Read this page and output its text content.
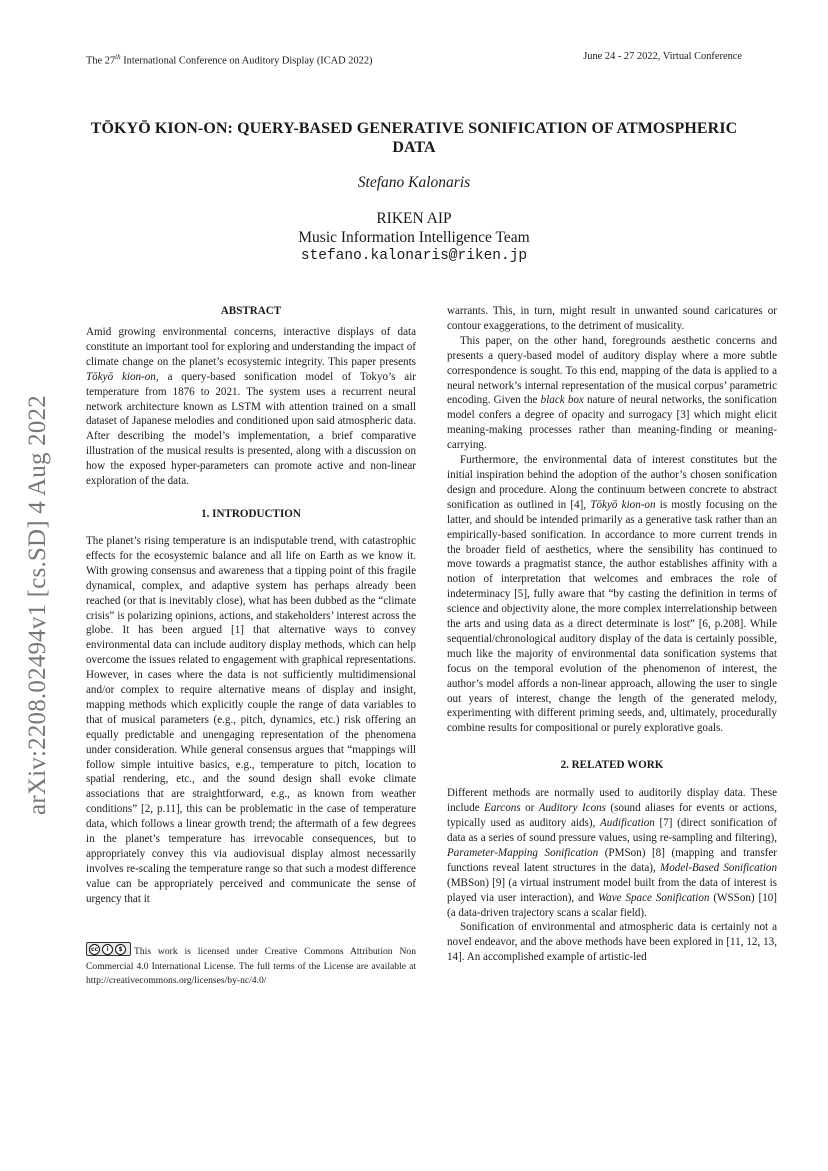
The 27th International Conference on Auditory Display (ICAD 2022)	June 24 - 27 2022, Virtual Conference
arXiv:2208.02494v1 [cs.SD] 4 Aug 2022
TŌKYŌ KION-ON: QUERY-BASED GENERATIVE SONIFICATION OF ATMOSPHERIC DATA
Stefano Kalonaris
RIKEN AIP
Music Information Intelligence Team
stefano.kalonaris@riken.jp
ABSTRACT

Amid growing environmental concerns, interactive displays of data constitute an important tool for exploring and understanding the impact of climate change on the planet’s ecosystemic integrity. This paper presents Tōkyō kion-on, a query-based sonification model of Tokyo’s air temperature from 1876 to 2021. The system uses a recurrent neural network architecture known as LSTM with attention trained on a small dataset of Japanese melodies and conditioned upon said atmospheric data. After describing the model’s implementation, a brief comparative illustration of the musical results is presented, along with a discussion on how the exposed hyper-parameters can promote active and non-linear exploration of the data.

1. INTRODUCTION

The planet’s rising temperature is an indisputable trend, with catastrophic effects for the ecosystemic balance and all life on Earth as we know it. With growing consensus and awareness that a tipping point of this fragile dynamical, complex, and adaptive system has perhaps already been reached (or that is inevitably close), what has been dubbed as the “climate crisis” is polarizing opinions, actions, and stakeholders’ interest across the globe. It has been argued [1] that alternative ways to convey environmental data can include auditory display methods, which can help overcome the issues related to engagement with graphical representations. However, in cases where the data is not sufficiently multidimensional and/or complex to require alternative means of display and insight, mapping methods which explicitly couple the range of data variables to that of musical parameters (e.g., pitch, dynamics, etc.) risk offering an equally predictable and unengaging representation of the phenomena under consideration. While general consensus argues that “mappings will follow simple intuitive basics, e.g., temperature to pitch, location to spatial rendering, etc., and the sound design shall evoke climate associations that are straightforward, e.g., as known from weather conditions” [2, p.11], this can be problematic in the case of temperature data, which follows a linear growth trend; the aftermath of a few degrees in the planet’s temperature has irrevocable consequences, but to appropriately convey this via audiovisual display almost necessarily involves re-scaling the temperature range so that such a modest difference value can be appropriately perceived and communicate the sense of urgency that it

cc	i	$	This work is licensed under Creative Commons Attribution Non Commercial 4.0 International License. The full terms of the License are available at http://creativecommons.org/licenses/by-nc/4.0/

warrants. This, in turn, might result in unwanted sound caricatures or contour exaggerations, to the detriment of musicality.

This paper, on the other hand, foregrounds aesthetic concerns and presents a query-based model of auditory display where a more subtle correspondence is sought. To this end, mapping of the data is applied to a neural network’s internal representation of the musical corpus’ parametric encoding. Given the black box nature of neural networks, the sonification model confers a degree of opacity and surrogacy [3] which might elicit meaning-making processes rather than meaning-finding or meaning-carrying.

Furthermore, the environmental data of interest constitutes but the initial inspiration behind the adoption of the author’s chosen sonification design and procedure. Along the continuum between concrete to abstract sonification as outlined in [4], Tōkyō kion-on is mostly focusing on the latter, and should be intended primarily as a generative task rather than an empirically-based sonification. In accordance to more current trends in the broader field of aesthetics, where the sensibility has continued to move towards a pragmatist stance, the author establishes affinity with a notion of interpretation that welcomes and embraces the role of indeterminacy [5], fully aware that “by casting the definition in terms of science and objectivity alone, the more complex interrelationship between the arts and using data as a direct determinate is lost” [6, p.208]. While sequential/chronological auditory display of the data is certainly possible, much like the majority of environmental data sonification systems that focus on the temporal evolution of the phenomenon of interest, the author’s model affords a non-linear approach, allowing the user to single out years of interest, change the length of the generated melody, experimenting with different priming seeds, and, ultimately, procedurally combine results for compositional or purely explorative goals.

2. RELATED WORK

Different methods are normally used to auditorily display data. These include Earcons or Auditory Icons (sound aliases for events or actions, typically used as auditory aids), Audification [7] (direct sonification of data as a series of sound pressure values, using re-sampling and filtering), Parameter-Mapping Sonification (PMSon) [8] (mapping and transfer functions reveal latent structures in the data), Model-Based Sonification (MBSon) [9] (a virtual instrument model built from the data of interest is played via user interaction), and Wave Space Sonification (WSSon) [10] (a data-driven trajectory scans a scalar field).

Sonification of environmental and atmospheric data is certainly not a novel endeavor, and the above methods have been explored in [11, 12, 13, 14]. An accomplished example of artistic-led
